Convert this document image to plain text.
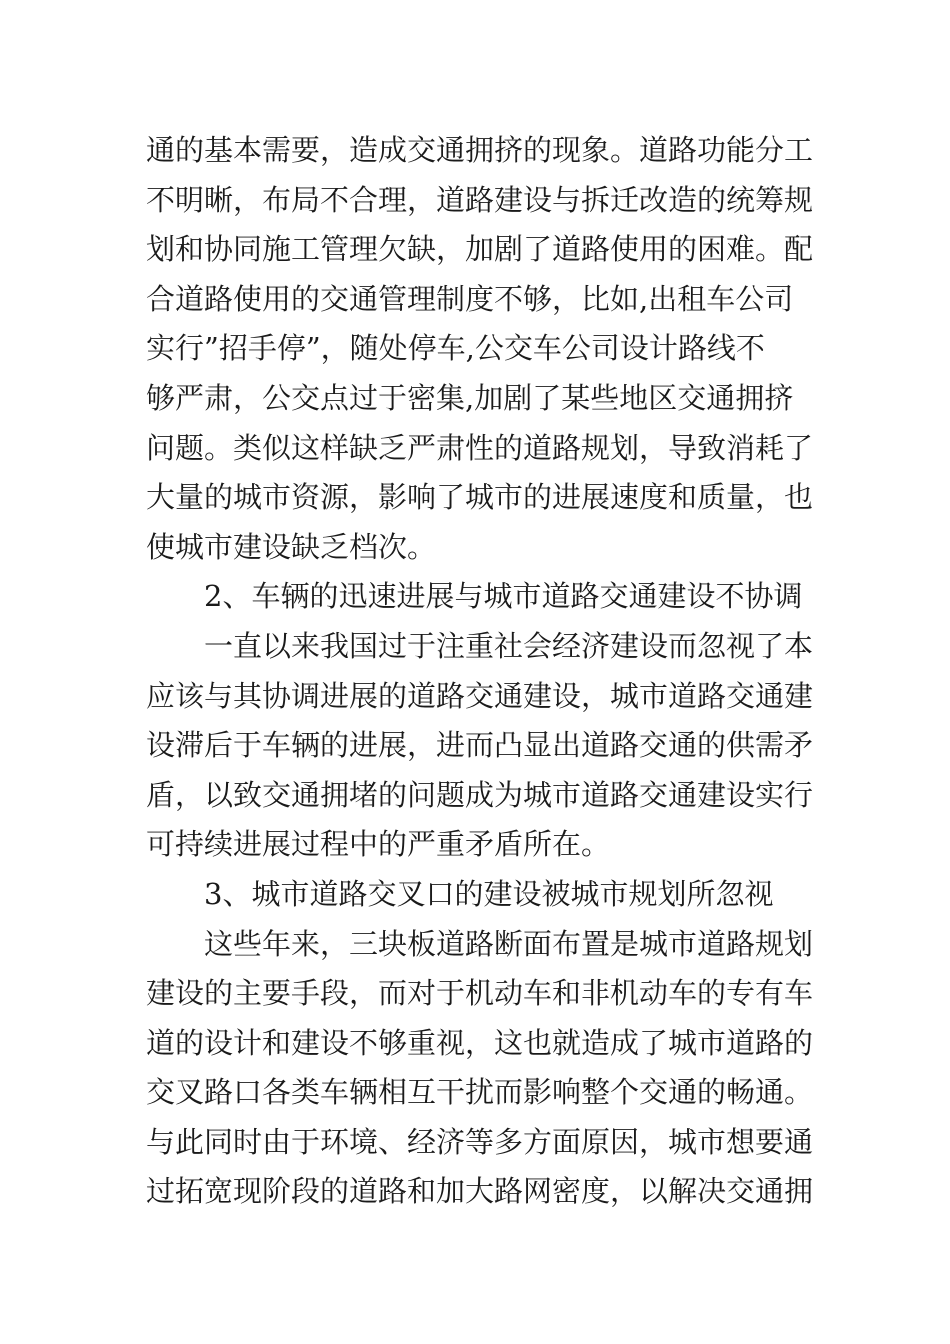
通的基本需要，造成交通拥挤的现象。道路功能分工
不明晰，布局不合理，道路建设与拆迁改造的统筹规
划和协同施工管理欠缺，加剧了道路使用的困难。配
合道路使用的交通管理制度不够，比如,出租车公司
实行”招手停”，随处停车,公交车公司设计路线不
够严肃，公交点过于密集,加剧了某些地区交通拥挤
问题。类似这样缺乏严肃性的道路规划，导致消耗了
大量的城市资源，影响了城市的进展速度和质量，也
使城市建设缺乏档次。
2、车辆的迅速进展与城市道路交通建设不协调
一直以来我国过于注重社会经济建设而忽视了本
应该与其协调进展的道路交通建设，城市道路交通建
设滞后于车辆的进展，进而凸显出道路交通的供需矛
盾，以致交通拥堵的问题成为城市道路交通建设实行
可持续进展过程中的严重矛盾所在。
3、城市道路交叉口的建设被城市规划所忽视
这些年来，三块板道路断面布置是城市道路规划
建设的主要手段，而对于机动车和非机动车的专有车
道的设计和建设不够重视，这也就造成了城市道路的
交叉路口各类车辆相互干扰而影响整个交通的畅通。
与此同时由于环境、经济等多方面原因，城市想要通
过拓宽现阶段的道路和加大路网密度，以解决交通拥
